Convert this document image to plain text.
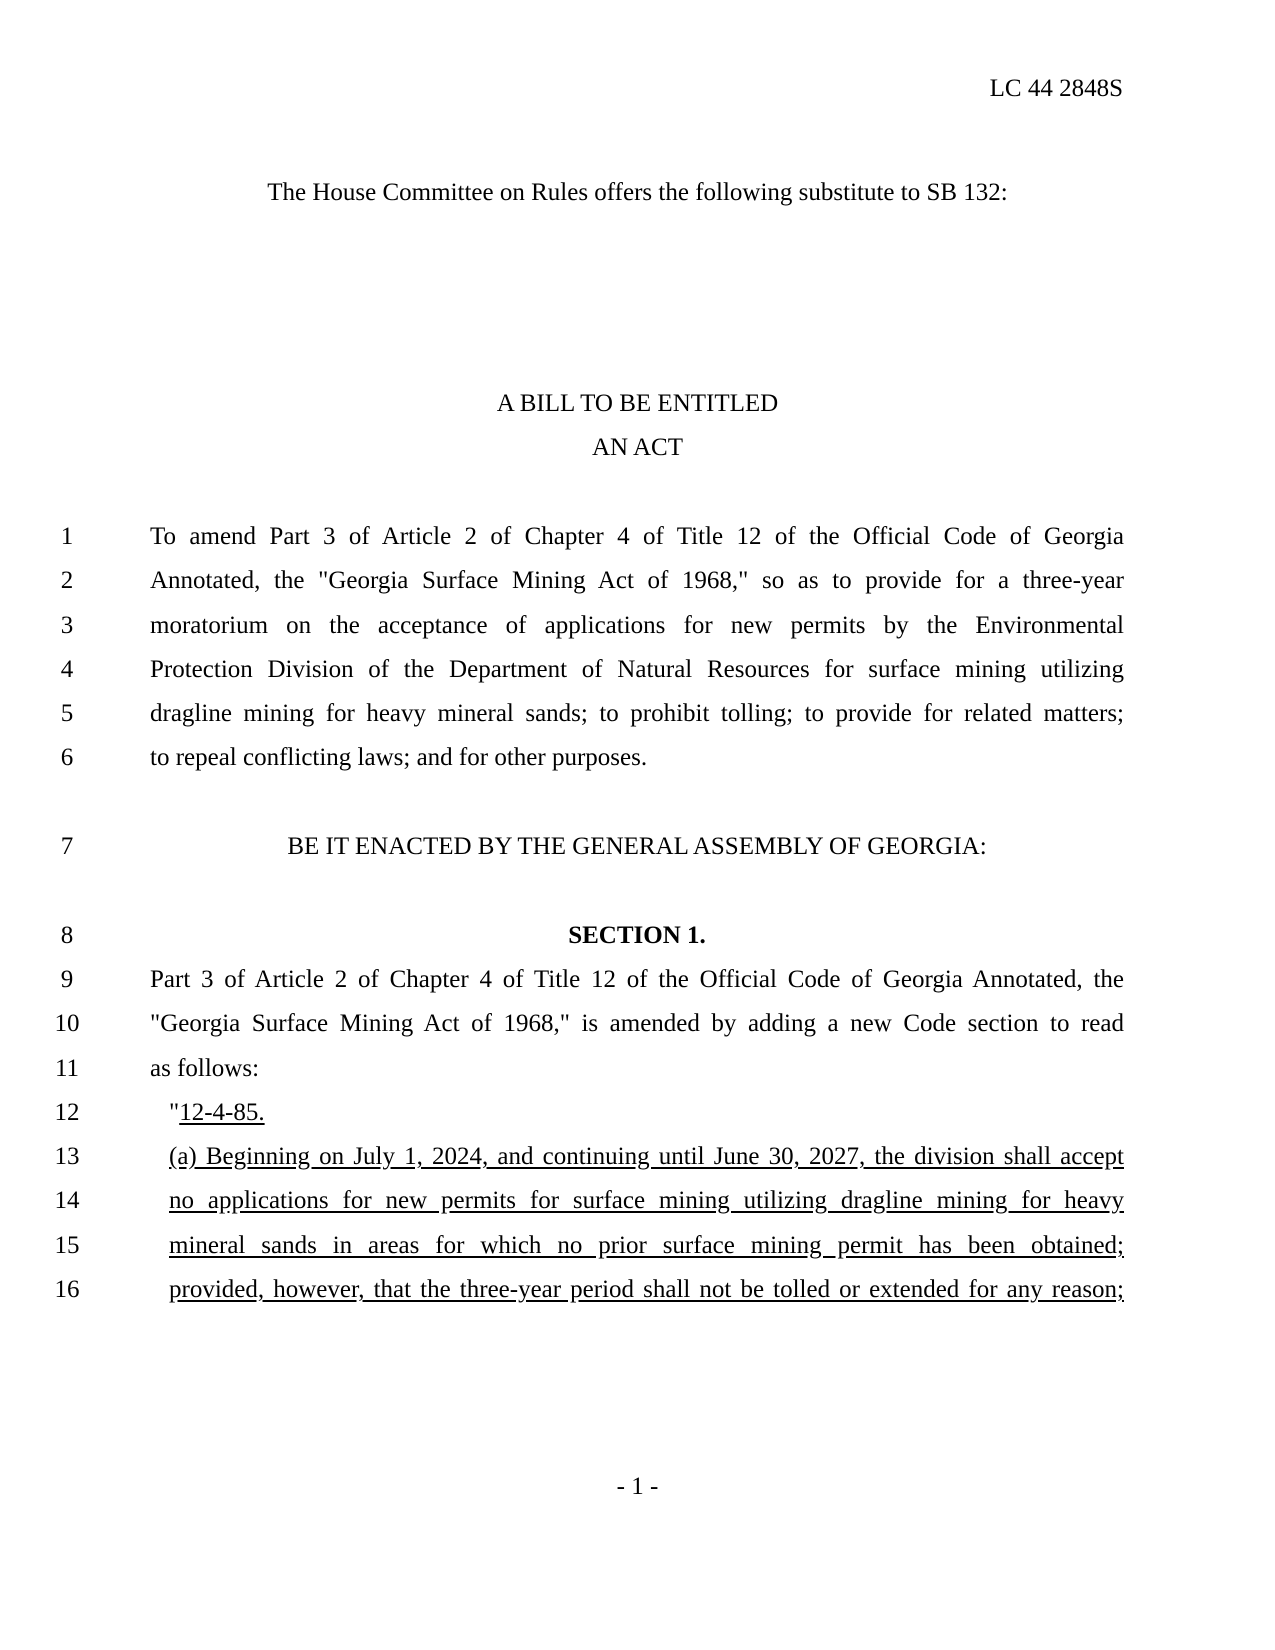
LC 44 2848S
The House Committee on Rules offers the following substitute to SB 132:
A BILL TO BE ENTITLED
AN ACT
1	To amend Part 3 of Article 2 of Chapter 4 of Title 12 of the Official Code of Georgia
2	Annotated, the "Georgia Surface Mining Act of 1968," so as to provide for a three-year
3	moratorium on the acceptance of applications for new permits by the Environmental
4	Protection Division of the Department of Natural Resources for surface mining utilizing
5	dragline mining for heavy mineral sands; to prohibit tolling; to provide for related matters;
6	to repeal conflicting laws; and for other purposes.
7	BE IT ENACTED BY THE GENERAL ASSEMBLY OF GEORGIA:
8	SECTION 1.
9	Part 3 of Article 2 of Chapter 4 of Title 12 of the Official Code of Georgia Annotated, the
10	"Georgia Surface Mining Act of 1968," is amended by adding a new Code section to read
11	as follows:
12	"12-4-85.
13	(a) Beginning on July 1, 2024, and continuing until June 30, 2027, the division shall accept
14	no applications for new permits for surface mining utilizing dragline mining for heavy
15	mineral sands in areas for which no prior surface mining permit has been obtained;
16	provided, however, that the three-year period shall not be tolled or extended for any reason;
- 1 -
